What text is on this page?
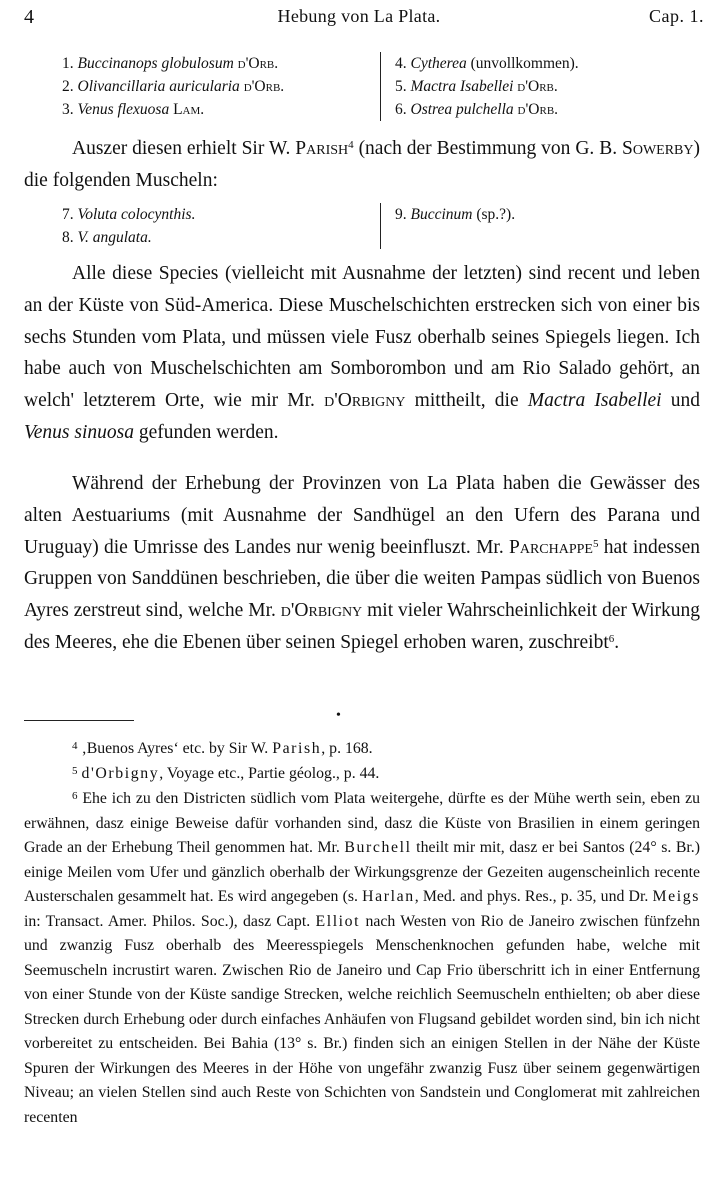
4	Hebung von La Plata.	Cap. 1.
1. Buccinanops globulosum d'Orb.
2. Olivancillaria auricularia d'Orb.
3. Venus flexuosa Lam.
4. Cytherea (unvollkommen).
5. Mactra Isabellei d'Orb.
6. Ostrea pulchella d'Orb.

Auszer diesen erhielt Sir W. Parish$^4$ (nach der Bestimmung von G. B. Sowerby) die folgenden Muscheln:

7. Voluta colocynthis.
8. V. angulata.
9. Buccinum (sp.?).

Alle diese Species (vielleicht mit Ausnahme der letzten) sind recent und leben an der Küste von Süd-America. Diese Muschelschichten erstrecken sich von einer bis sechs Stunden vom Plata, und müssen viele Fusz oberhalb seines Spiegels liegen. Ich habe auch von Muschelschichten am Somborombon und am Rio Salado gehört, an welch' letzterem Orte, wie mir Mr. d'Orbigny mittheilt, die Mactra Isabellei und Venus sinuosa gefunden werden.

Während der Erhebung der Provinzen von La Plata haben die Gewässer des alten Aestuariums (mit Ausnahme der Sandhügel an den Ufern des Parana und Uruguay) die Umrisse des Landes nur wenig beeinfluszt. Mr. Parchappe$^5$ hat indessen Gruppen von Sanddünen beschrieben, die über die weiten Pampas südlich von Buenos Ayres zerstreut sind, welche Mr. d'Orbigny mit vieler Wahrscheinlichkeit der Wirkung des Meeres, ehe die Ebenen über seinen Spiegel erhoben waren, zuschreibt$^6$.

•

$^4$ ‚Buenos Ayres‘ etc. by Sir W. Parish, p. 168.

$^5$ d'Orbigny, Voyage etc., Partie géolog., p. 44.

$^6$ Ehe ich zu den Districten südlich vom Plata weitergehe, dürfte es der Mühe werth sein, eben zu erwähnen, dasz einige Beweise dafür vorhanden sind, dasz die Küste von Brasilien in einem geringen Grade an der Erhebung Theil genommen hat. Mr. Burchell theilt mir mit, dasz er bei Santos (24° s. Br.) einige Meilen vom Ufer und gänzlich oberhalb der Wirkungsgrenze der Gezeiten augenscheinlich recente Austerschalen gesammelt hat. Es wird angegeben (s. Harlan, Med. and phys. Res., p. 35, und Dr. Meigs in: Transact. Amer. Philos. Soc.), dasz Capt. Elliot nach Westen von Rio de Janeiro zwischen fünfzehn und zwanzig Fusz oberhalb des Meeresspiegels Menschenknochen gefunden habe, welche mit Seemuscheln incrustirt waren. Zwischen Rio de Janeiro und Cap Frio überschritt ich in einer Entfernung von einer Stunde von der Küste sandige Strecken, welche reichlich Seemuscheln enthielten; ob aber diese Strecken durch Erhebung oder durch einfaches Anhäufen von Flugsand gebildet worden sind, bin ich nicht vorbereitet zu entscheiden. Bei Bahia (13° s. Br.) finden sich an einigen Stellen in der Nähe der Küste Spuren der Wirkungen des Meeres in der Höhe von ungefähr zwanzig Fusz über seinem gegenwärtigen Niveau; an vielen Stellen sind auch Reste von Schichten von Sandstein und Conglomerat mit zahlreichen recenten
